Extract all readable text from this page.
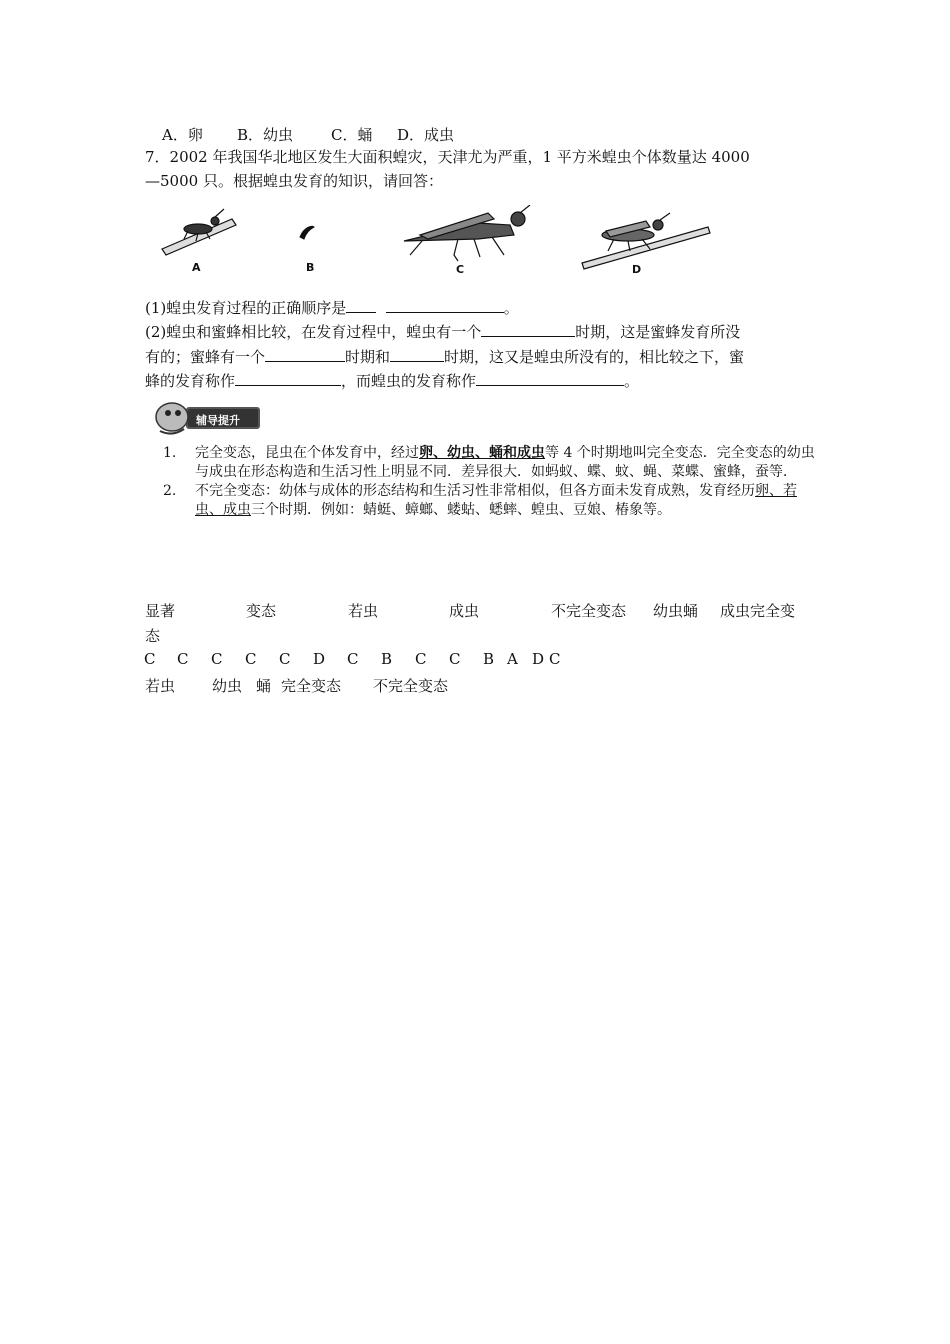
A．卵 B．幼虫	C．蛹 D．成虫
7．2002 年我国华北地区发生大面积蝗灾，天津尤为严重，1 平方米蝗虫个体数量达 4000
—5000 只。根据蝗虫发育的知识，请回答：
A	B	C	D
(1)蝗虫发育过程的正确顺序是	。
(2)蝗虫和蜜蜂相比较，在发育过程中，蝗虫有一个	时期，这是蜜蜂发育所没
有的；蜜蜂有一个	时期和	时期，这又是蝗虫所没有的，相比较之下，蜜
蜂的发育称作	，而蝗虫的发育称作	。
辅导提升
1. 完全变态，昆虫在个体发育中，经过卵、幼虫、蛹和成虫等 4 个时期地叫完全变态．完全变态的幼虫与成虫在形态构造和生活习性上明显不同．差异很大．如蚂蚁、蝶、蚊、蝇、菜蝶、蜜蜂，蚕等．
2. 不完全变态：幼体与成体的形态结构和生活习性非常相似，但各方面未发育成熟，发育经历卵、若虫、成虫三个时期．例如：蜻蜓、蟑螂、蝼蛄、蟋蟀、蝗虫、豆娘、椿象等。
显著	变态	若虫	成虫	不完全变态 幼虫蛹 成虫完全变
态
C C C C C D C B C C B A D C
若虫 幼虫 蛹 完全变态 不完全变态
